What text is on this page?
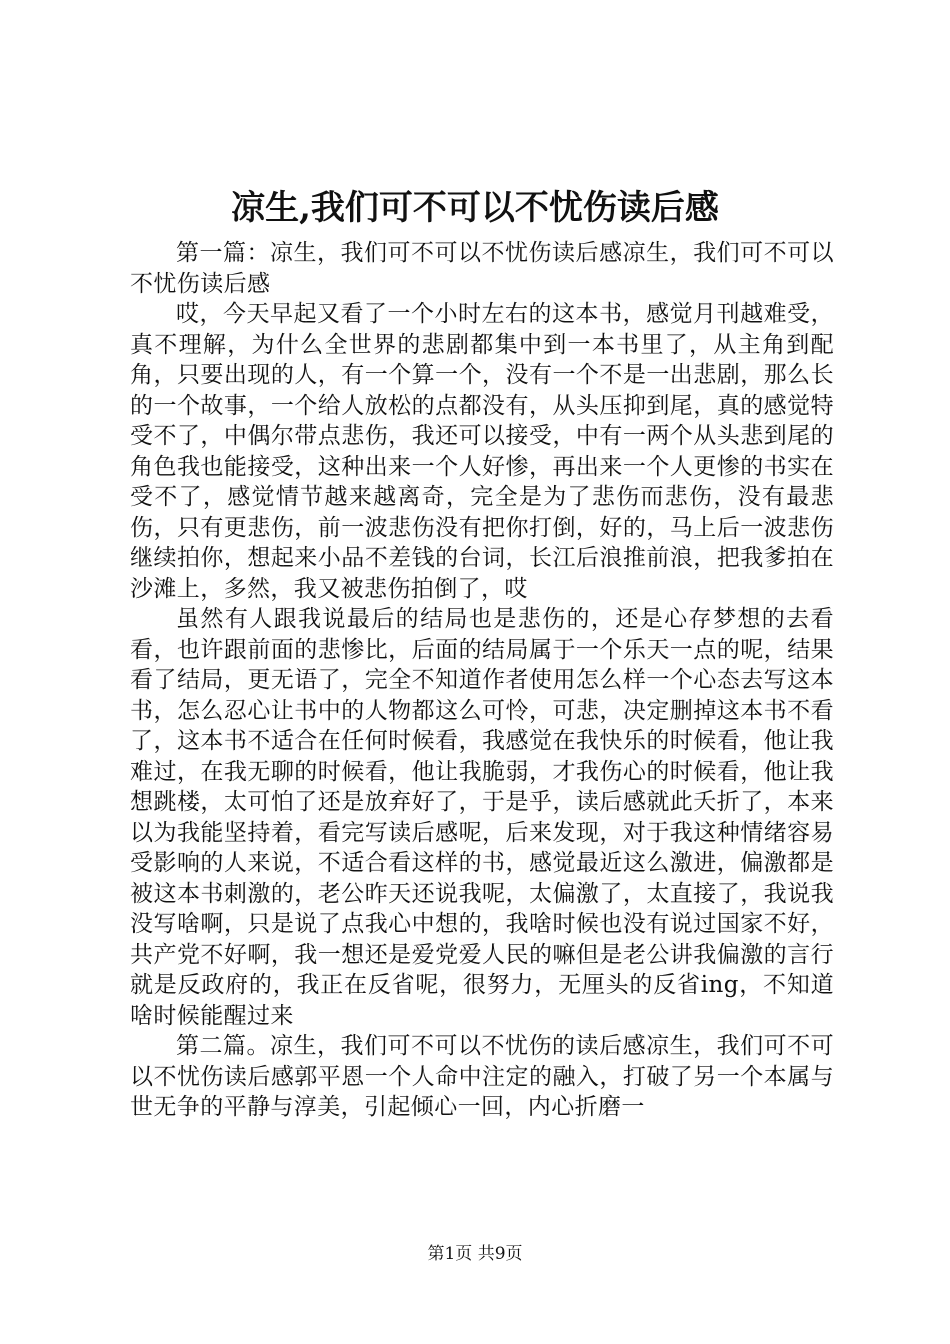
凉生,我们可不可以不忧伤读后感

第一篇：凉生，我们可不可以不忧伤读后感凉生，我们可不可以不忧伤读后感

哎，今天早起又看了一个小时左右的这本书，感觉月刊越难受，真不理解，为什么全世界的悲剧都集中到一本书里了，从主角到配角，只要出现的人，有一个算一个，没有一个不是一出悲剧，那么长的一个故事，一个给人放松的点都没有，从头压抑到尾，真的感觉特受不了，中偶尔带点悲伤，我还可以接受，中有一两个从头悲到尾的角色我也能接受，这种出来一个人好惨，再出来一个人更惨的书实在受不了，感觉情节越来越离奇，完全是为了悲伤而悲伤，没有最悲伤，只有更悲伤，前一波悲伤没有把你打倒，好的，马上后一波悲伤继续拍你，想起来小品不差钱的台词，长江后浪推前浪，把我爹拍在沙滩上，多然，我又被悲伤拍倒了，哎

虽然有人跟我说最后的结局也是悲伤的，还是心存梦想的去看看，也许跟前面的悲惨比，后面的结局属于一个乐天一点的呢，结果看了结局，更无语了，完全不知道作者使用怎么样一个心态去写这本书，怎么忍心让书中的人物都这么可怜，可悲，决定删掉这本书不看了，这本书不适合在任何时候看，我感觉在我快乐的时候看，他让我难过，在我无聊的时候看，他让我脆弱，才我伤心的时候看，他让我想跳楼，太可怕了还是放弃好了，于是乎，读后感就此夭折了，本来以为我能坚持着，看完写读后感呢，后来发现，对于我这种情绪容易受影响的人来说，不适合看这样的书，感觉最近这么激进，偏激都是被这本书刺激的，老公昨天还说我呢，太偏激了，太直接了，我说我没写啥啊，只是说了点我心中想的，我啥时候也没有说过国家不好，共产党不好啊，我一想还是爱党爱人民的嘛但是老公讲我偏激的言行就是反政府的，我正在反省呢，很努力，无厘头的反省ing，不知道啥时候能醒过来

第二篇。凉生，我们可不可以不忧伤的读后感凉生，我们可不可以不忧伤读后感郭平恩一个人命中注定的融入，打破了另一个本属与世无争的平静与淳美，引起倾心一回，内心折磨一

第1页 共9页
